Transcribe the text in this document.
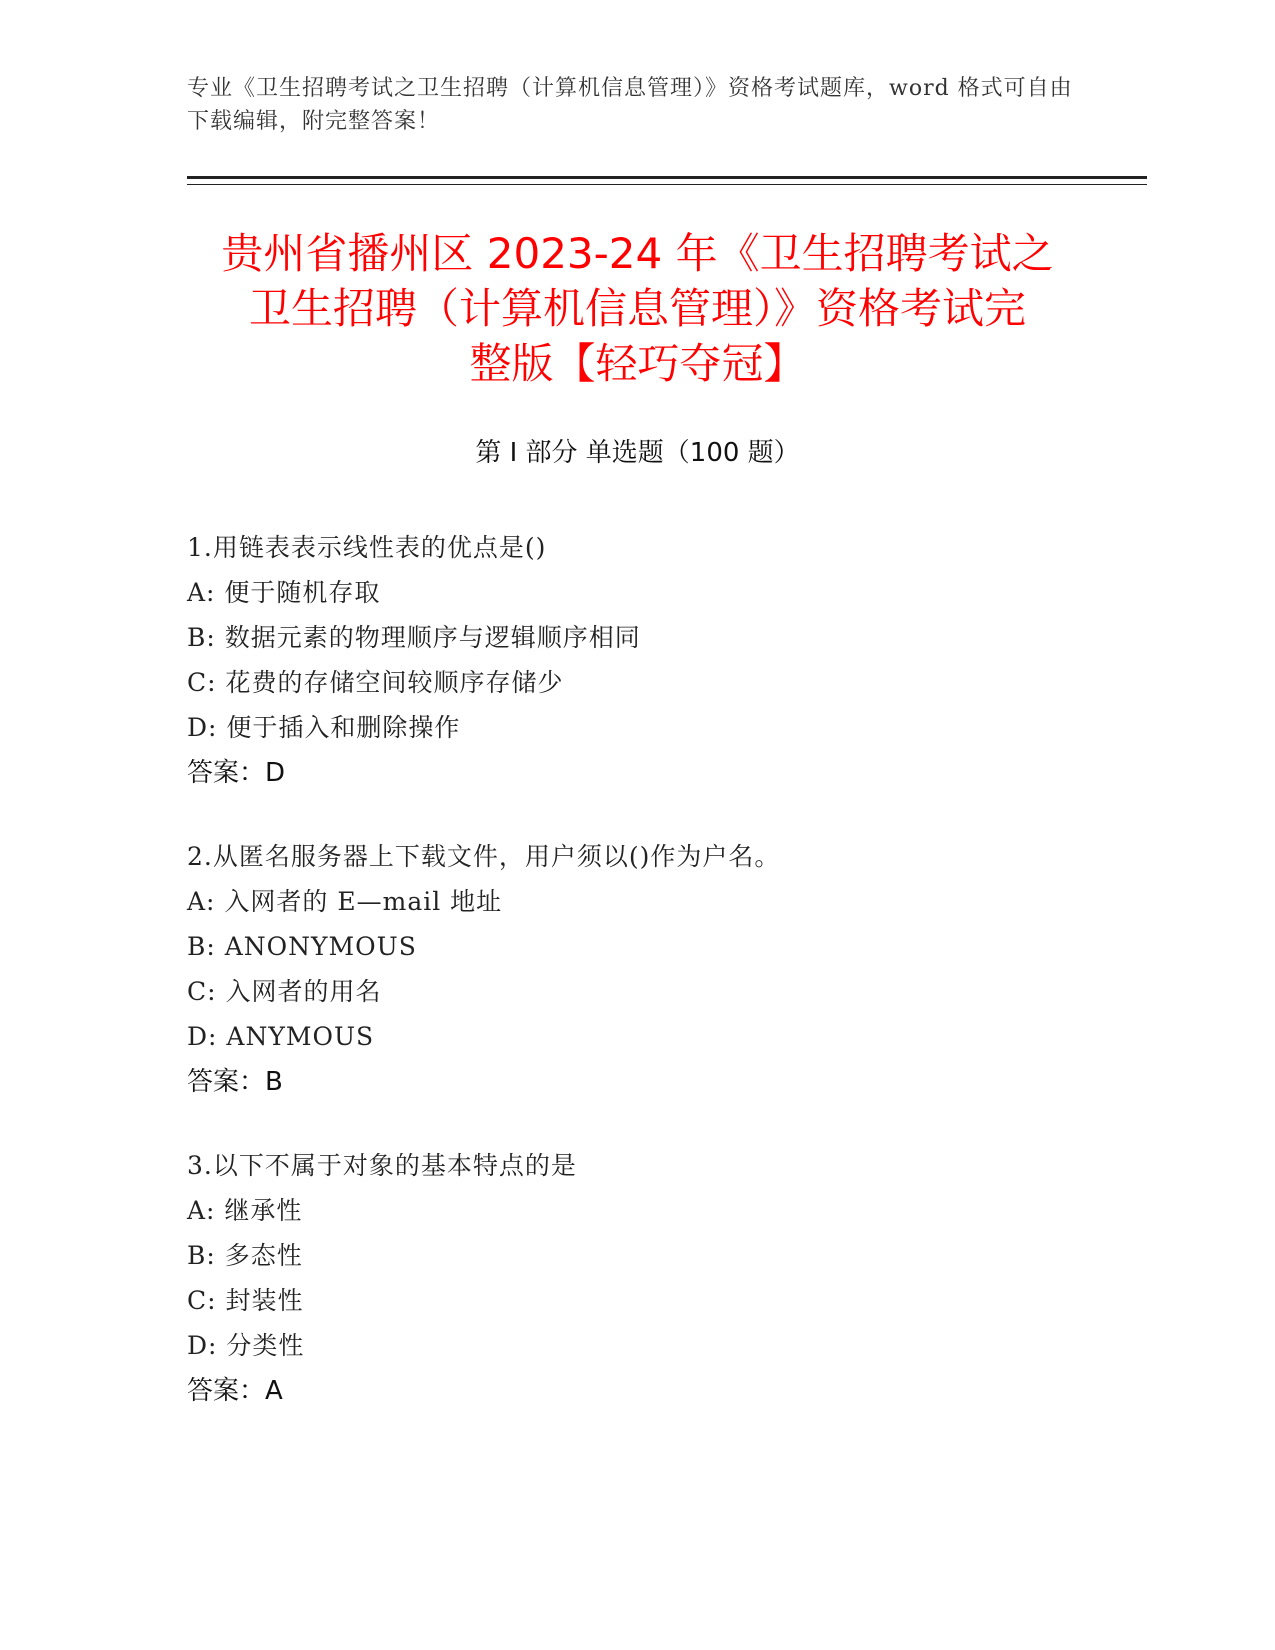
专业《卫生招聘考试之卫生招聘（计算机信息管理）》资格考试题库，word 格式可自由下载编辑，附完整答案！
贵州省播州区 2023-24 年《卫生招聘考试之
卫生招聘（计算机信息管理）》资格考试完
整版【轻巧夺冠】
第 I 部分 单选题（100 题）
1.用链表表示线性表的优点是()
A: 便于随机存取
B: 数据元素的物理顺序与逻辑顺序相同
C: 花费的存储空间较顺序存储少
D: 便于插入和删除操作
答案：D
2.从匿名服务器上下载文件，用户须以()作为户名。
A: 入网者的 E—mail 地址
B: ANONYMOUS
C: 入网者的用名
D: ANYMOUS
答案：B
3.以下不属于对象的基本特点的是
A: 继承性
B: 多态性
C: 封装性
D: 分类性
答案：A
